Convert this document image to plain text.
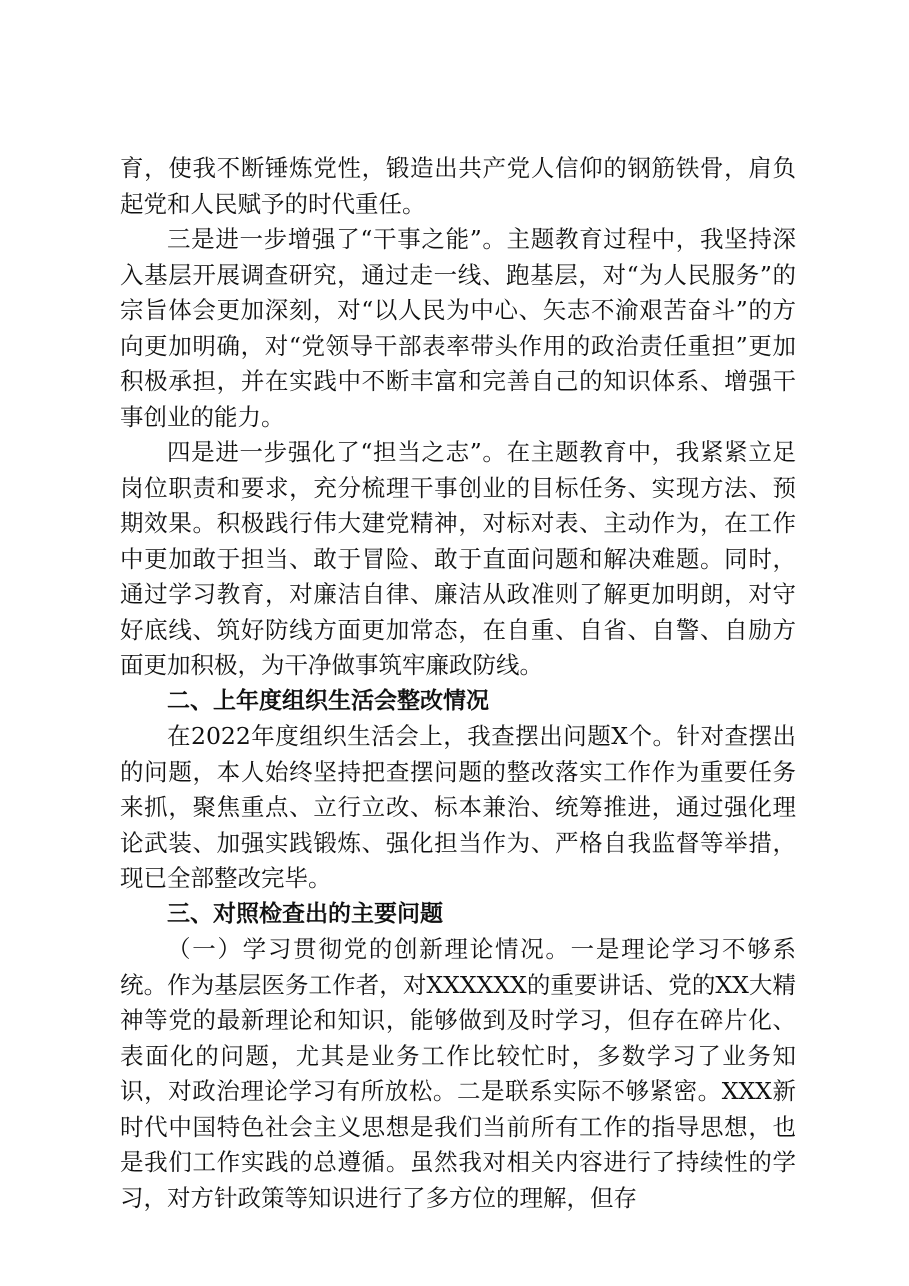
育，使我不断锤炼党性，锻造出共产党人信仰的钢筋铁骨，肩负起党和人民赋予的时代重任。

三是进一步增强了“干事之能”。主题教育过程中，我坚持深入基层开展调查研究，通过走一线、跑基层，对“为人民服务”的宗旨体会更加深刻，对“以人民为中心、矢志不渝艰苦奋斗”的方向更加明确，对“党领导干部表率带头作用的政治责任重担”更加积极承担，并在实践中不断丰富和完善自己的知识体系、增强干事创业的能力。

四是进一步强化了“担当之志”。在主题教育中，我紧紧立足岗位职责和要求，充分梳理干事创业的目标任务、实现方法、预期效果。积极践行伟大建党精神，对标对表、主动作为，在工作中更加敢于担当、敢于冒险、敢于直面问题和解决难题。同时，通过学习教育，对廉洁自律、廉洁从政准则了解更加明朗，对守好底线、筑好防线方面更加常态，在自重、自省、自警、自励方面更加积极，为干净做事筑牢廉政防线。

二、上年度组织生活会整改情况

在2022年度组织生活会上，我查摆出问题X个。针对查摆出的问题，本人始终坚持把查摆问题的整改落实工作作为重要任务来抓，聚焦重点、立行立改、标本兼治、统筹推进，通过强化理论武装、加强实践锻炼、强化担当作为、严格自我监督等举措，现已全部整改完毕。

三、对照检查出的主要问题

（一）学习贯彻党的创新理论情况。一是理论学习不够系统。作为基层医务工作者，对XXXXXX的重要讲话、党的XX大精神等党的最新理论和知识，能够做到及时学习，但存在碎片化、表面化的问题，尤其是业务工作比较忙时，多数学习了业务知识，对政治理论学习有所放松。二是联系实际不够紧密。XXX新时代中国特色社会主义思想是我们当前所有工作的指导思想，也是我们工作实践的总遵循。虽然我对相关内容进行了持续性的学习，对方针政策等知识进行了多方位的理解，但存
